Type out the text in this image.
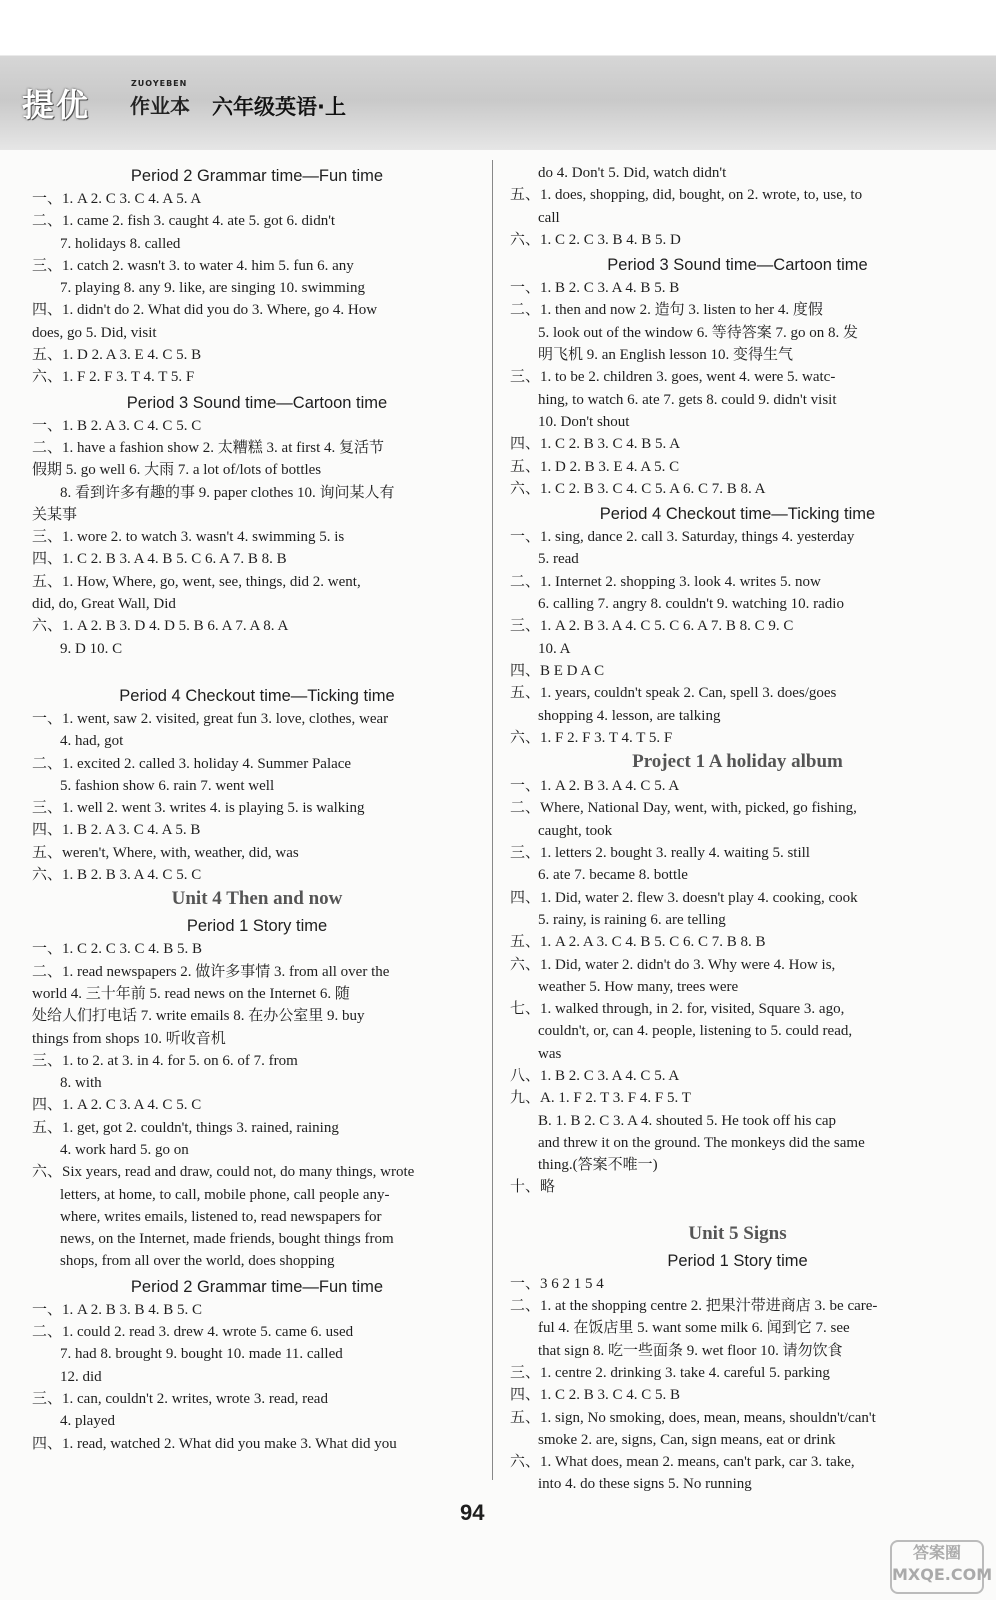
提优
ZUOYEBEN
作业本 六年级英语·上
Period 2 Grammar time—Fun time
一、1. A 2. C 3. C 4. A 5. A
二、1. came 2. fish 3. caught 4. ate 5. got 6. didn't
7. holidays 8. called
三、1. catch 2. wasn't 3. to water 4. him 5. fun 6. any
7. playing 8. any 9. like, are singing 10. swimming
四、1. didn't do 2. What did you do 3. Where, go 4. How
does, go 5. Did, visit
五、1. D 2. A 3. E 4. C 5. B
六、1. F 2. F 3. T 4. T 5. F
Period 3 Sound time—Cartoon time
一、1. B 2. A 3. C 4. C 5. C
二、1. have a fashion show 2. 太糟糕 3. at first 4. 复活节
假期 5. go well 6. 大雨 7. a lot of/lots of bottles
8. 看到许多有趣的事 9. paper clothes 10. 询问某人有
关某事
三、1. wore 2. to watch 3. wasn't 4. swimming 5. is
四、1. C 2. B 3. A 4. B 5. C 6. A 7. B 8. B
五、1. How, Where, go, went, see, things, did 2. went,
did, do, Great Wall, Did
六、1. A 2. B 3. D 4. D 5. B 6. A 7. A 8. A
9. D 10. C
Period 4 Checkout time—Ticking time
一、1. went, saw 2. visited, great fun 3. love, clothes, wear
4. had, got
二、1. excited 2. called 3. holiday 4. Summer Palace
5. fashion show 6. rain 7. went well
三、1. well 2. went 3. writes 4. is playing 5. is walking
四、1. B 2. A 3. C 4. A 5. B
五、weren't, Where, with, weather, did, was
六、1. B 2. B 3. A 4. C 5. C
Unit 4 Then and now
Period 1 Story time
一、1. C 2. C 3. C 4. B 5. B
二、1. read newspapers 2. 做许多事情 3. from all over the
world 4. 三十年前 5. read news on the Internet 6. 随
处给人们打电话 7. write emails 8. 在办公室里 9. buy
things from shops 10. 听收音机
三、1. to 2. at 3. in 4. for 5. on 6. of 7. from
8. with
四、1. A 2. C 3. A 4. C 5. C
五、1. get, got 2. couldn't, things 3. rained, raining
4. work hard 5. go on
六、Six years, read and draw, could not, do many things, wrote
letters, at home, to call, mobile phone, call people any-
where, writes emails, listened to, read newspapers for
news, on the Internet, made friends, bought things from
shops, from all over the world, does shopping
Period 2 Grammar time—Fun time
一、1. A 2. B 3. B 4. B 5. C
二、1. could 2. read 3. drew 4. wrote 5. came 6. used
7. had 8. brought 9. bought 10. made 11. called
12. did
三、1. can, couldn't 2. writes, wrote 3. read, read
4. played
四、1. read, watched 2. What did you make 3. What did you
do 4. Don't 5. Did, watch didn't
五、1. does, shopping, did, bought, on 2. wrote, to, use, to
call
六、1. C 2. C 3. B 4. B 5. D
Period 3 Sound time—Cartoon time
一、1. B 2. C 3. A 4. B 5. B
二、1. then and now 2. 造句 3. listen to her 4. 度假
5. look out of the window 6. 等待答案 7. go on 8. 发
明飞机 9. an English lesson 10. 变得生气
三、1. to be 2. children 3. goes, went 4. were 5. watc-
hing, to watch 6. ate 7. gets 8. could 9. didn't visit
10. Don't shout
四、1. C 2. B 3. C 4. B 5. A
五、1. D 2. B 3. E 4. A 5. C
六、1. C 2. B 3. C 4. C 5. A 6. C 7. B 8. A
Period 4 Checkout time—Ticking time
一、1. sing, dance 2. call 3. Saturday, things 4. yesterday
5. read
二、1. Internet 2. shopping 3. look 4. writes 5. now
6. calling 7. angry 8. couldn't 9. watching 10. radio
三、1. A 2. B 3. A 4. C 5. C 6. A 7. B 8. C 9. C
10. A
四、B E D A C
五、1. years, couldn't speak 2. Can, spell 3. does/goes
shopping 4. lesson, are talking
六、1. F 2. F 3. T 4. T 5. F
Project 1 A holiday album
一、1. A 2. B 3. A 4. C 5. A
二、Where, National Day, went, with, picked, go fishing,
caught, took
三、1. letters 2. bought 3. really 4. waiting 5. still
6. ate 7. became 8. bottle
四、1. Did, water 2. flew 3. doesn't play 4. cooking, cook
5. rainy, is raining 6. are telling
五、1. A 2. A 3. C 4. B 5. C 6. C 7. B 8. B
六、1. Did, water 2. didn't do 3. Why were 4. How is,
weather 5. How many, trees were
七、1. walked through, in 2. for, visited, Square 3. ago,
couldn't, or, can 4. people, listening to 5. could read,
was
八、1. B 2. C 3. A 4. C 5. A
九、A. 1. F 2. T 3. F 4. F 5. T
B. 1. B 2. C 3. A 4. shouted 5. He took off his cap
and threw it on the ground. The monkeys did the same
thing.(答案不唯一)
十、略
Unit 5 Signs
Period 1 Story time
一、3 6 2 1 5 4
二、1. at the shopping centre 2. 把果汁带进商店 3. be care-
ful 4. 在饭店里 5. want some milk 6. 闻到它 7. see
that sign 8. 吃一些面条 9. wet floor 10. 请勿饮食
三、1. centre 2. drinking 3. take 4. careful 5. parking
四、1. C 2. B 3. C 4. C 5. B
五、1. sign, No smoking, does, mean, means, shouldn't/can't
smoke 2. are, signs, Can, sign means, eat or drink
六、1. What does, mean 2. means, can't park, car 3. take,
into 4. do these signs 5. No running
94
答案圈 MXQE.COM
